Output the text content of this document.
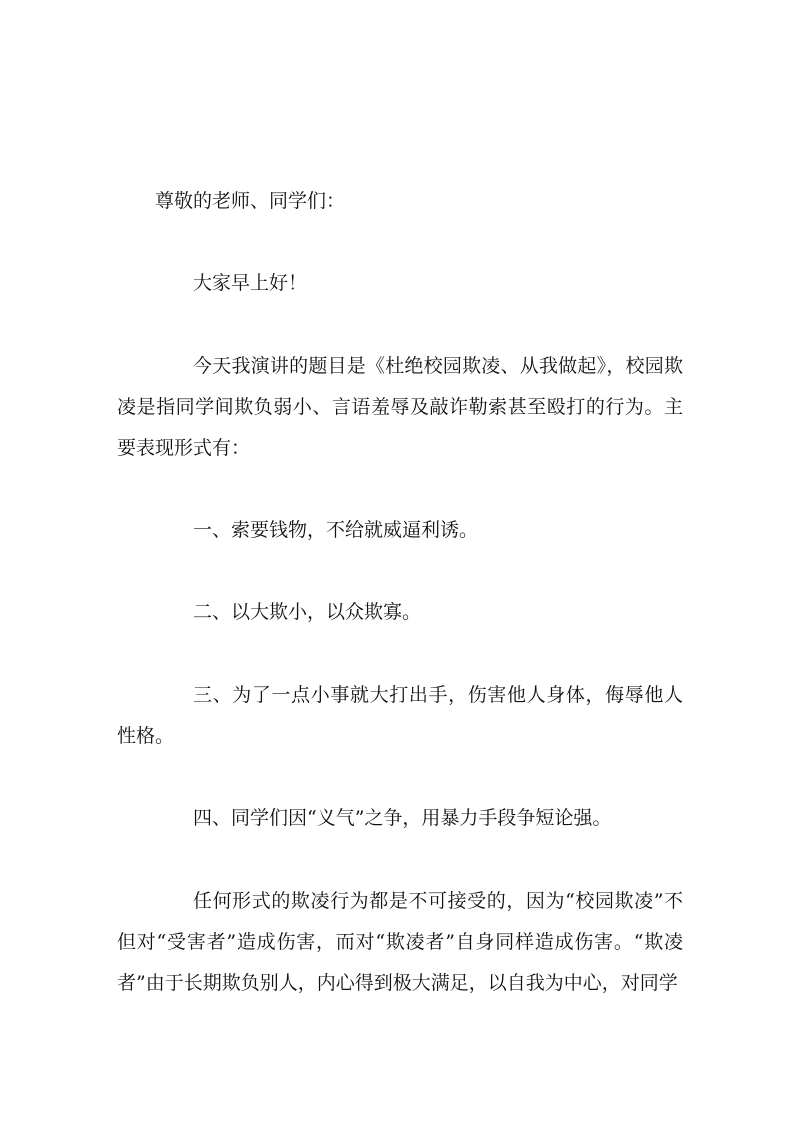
尊敬的老师、同学们：

大家早上好！

今天我演讲的题目是《杜绝校园欺凌、从我做起》，校园欺凌是指同学间欺负弱小、言语羞辱及敲诈勒索甚至殴打的行为。主要表现形式有：

一、索要钱物，不给就威逼利诱。

二、以大欺小，以众欺寡。

三、为了一点小事就大打出手，伤害他人身体，侮辱他人性格。

四、同学们因“义气”之争，用暴力手段争短论强。

任何形式的欺凌行为都是不可接受的，因为“校园欺凌”不但对“受害者”造成伤害，而对“欺凌者”自身同样造成伤害。“欺凌者”由于长期欺负别人，内心得到极大满足，以自我为中心，对同学
